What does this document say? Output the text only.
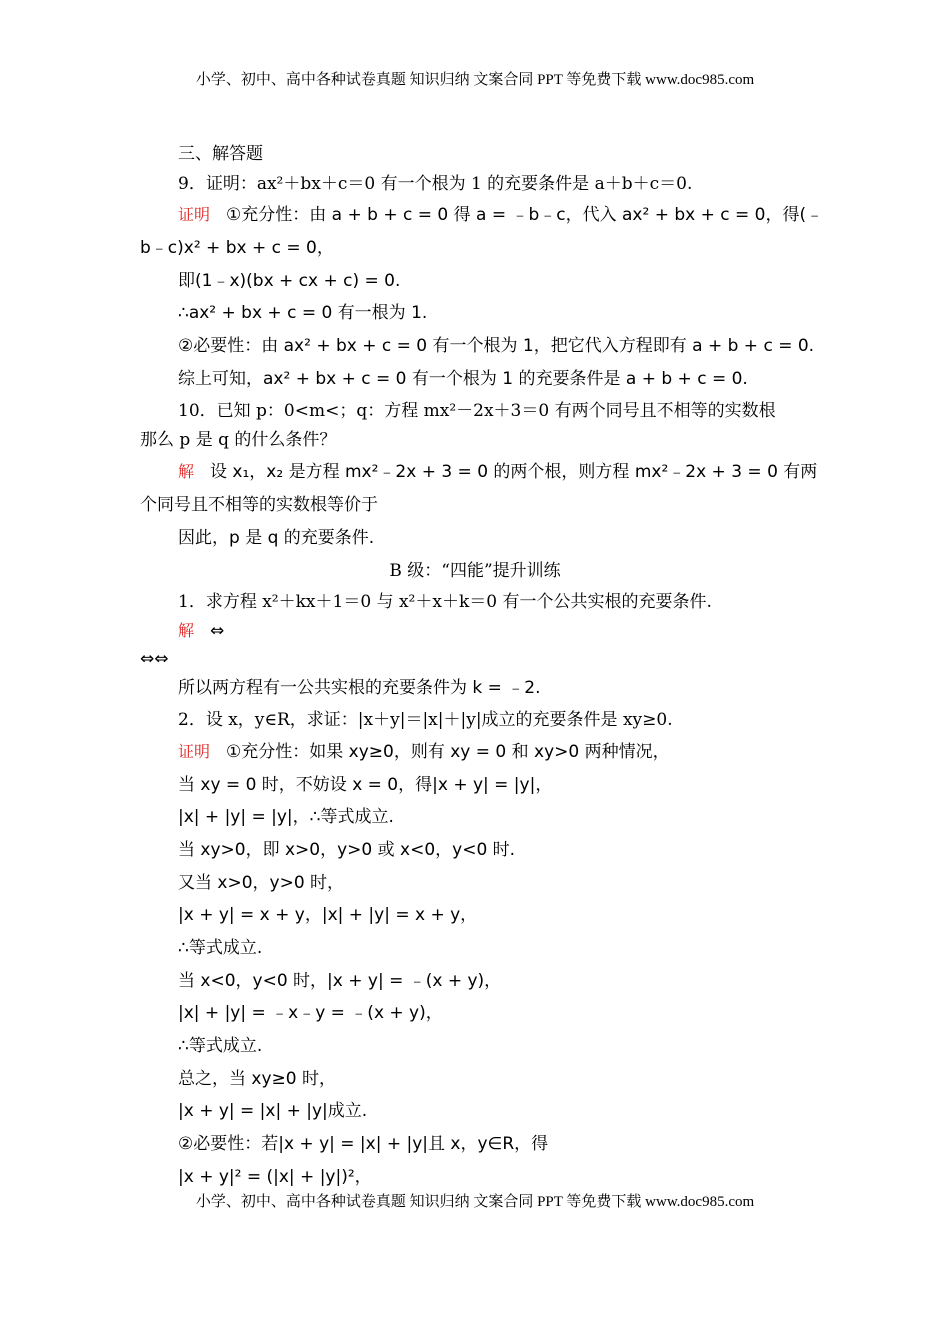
小学、初中、高中各种试卷真题 知识归纳 文案合同 PPT 等免费下载 www.doc985.com
三、解答题
9．证明：ax²＋bx＋c＝0 有一个根为 1 的充要条件是 a＋b＋c＝0.
证明 ①充分性：由 a + b + c = 0 得 a = ﹣b﹣c，代入 ax² + bx + c = 0，得(﹣
b﹣c)x² + bx + c = 0，
即(1﹣x)(bx + cx + c) = 0.
∴ax² + bx + c = 0 有一根为 1.
②必要性：由 ax² + bx + c = 0 有一个根为 1，把它代入方程即有 a + b + c = 0.
综上可知，ax² + bx + c = 0 有一个根为 1 的充要条件是 a + b + c = 0.
10．已知 p：0<m<；q：方程 mx²－2x＋3＝0 有两个同号且不相等的实数根
那么 p 是 q 的什么条件？
解 设 x₁，x₂ 是方程 mx²﹣2x + 3 = 0 的两个根，则方程 mx²﹣2x + 3 = 0 有两
个同号且不相等的实数根等价于
因此，p 是 q 的充要条件.
B 级：“四能”提升训练
1．求方程 x²＋kx＋1＝0 与 x²＋x＋k＝0 有一个公共实根的充要条件.
解 ⇔
⇔⇔
所以两方程有一公共实根的充要条件为 k = ﹣2.
2．设 x，y∈R，求证：|x＋y|＝|x|＋|y|成立的充要条件是 xy≥0.
证明 ①充分性：如果 xy≥0，则有 xy = 0 和 xy>0 两种情况，
当 xy = 0 时，不妨设 x = 0，得|x + y| = |y|，
|x| + |y| = |y|，∴等式成立.
当 xy>0，即 x>0，y>0 或 x<0，y<0 时.
又当 x>0，y>0 时，
|x + y| = x + y，|x| + |y| = x + y，
∴等式成立.
当 x<0，y<0 时，|x + y| = ﹣(x + y)，
|x| + |y| = ﹣x﹣y = ﹣(x + y)，
∴等式成立.
总之，当 xy≥0 时，
|x + y| = |x| + |y|成立.
②必要性：若|x + y| = |x| + |y|且 x，y∈R，得
|x + y|² = (|x| + |y|)²，
小学、初中、高中各种试卷真题 知识归纳 文案合同 PPT 等免费下载 www.doc985.com
